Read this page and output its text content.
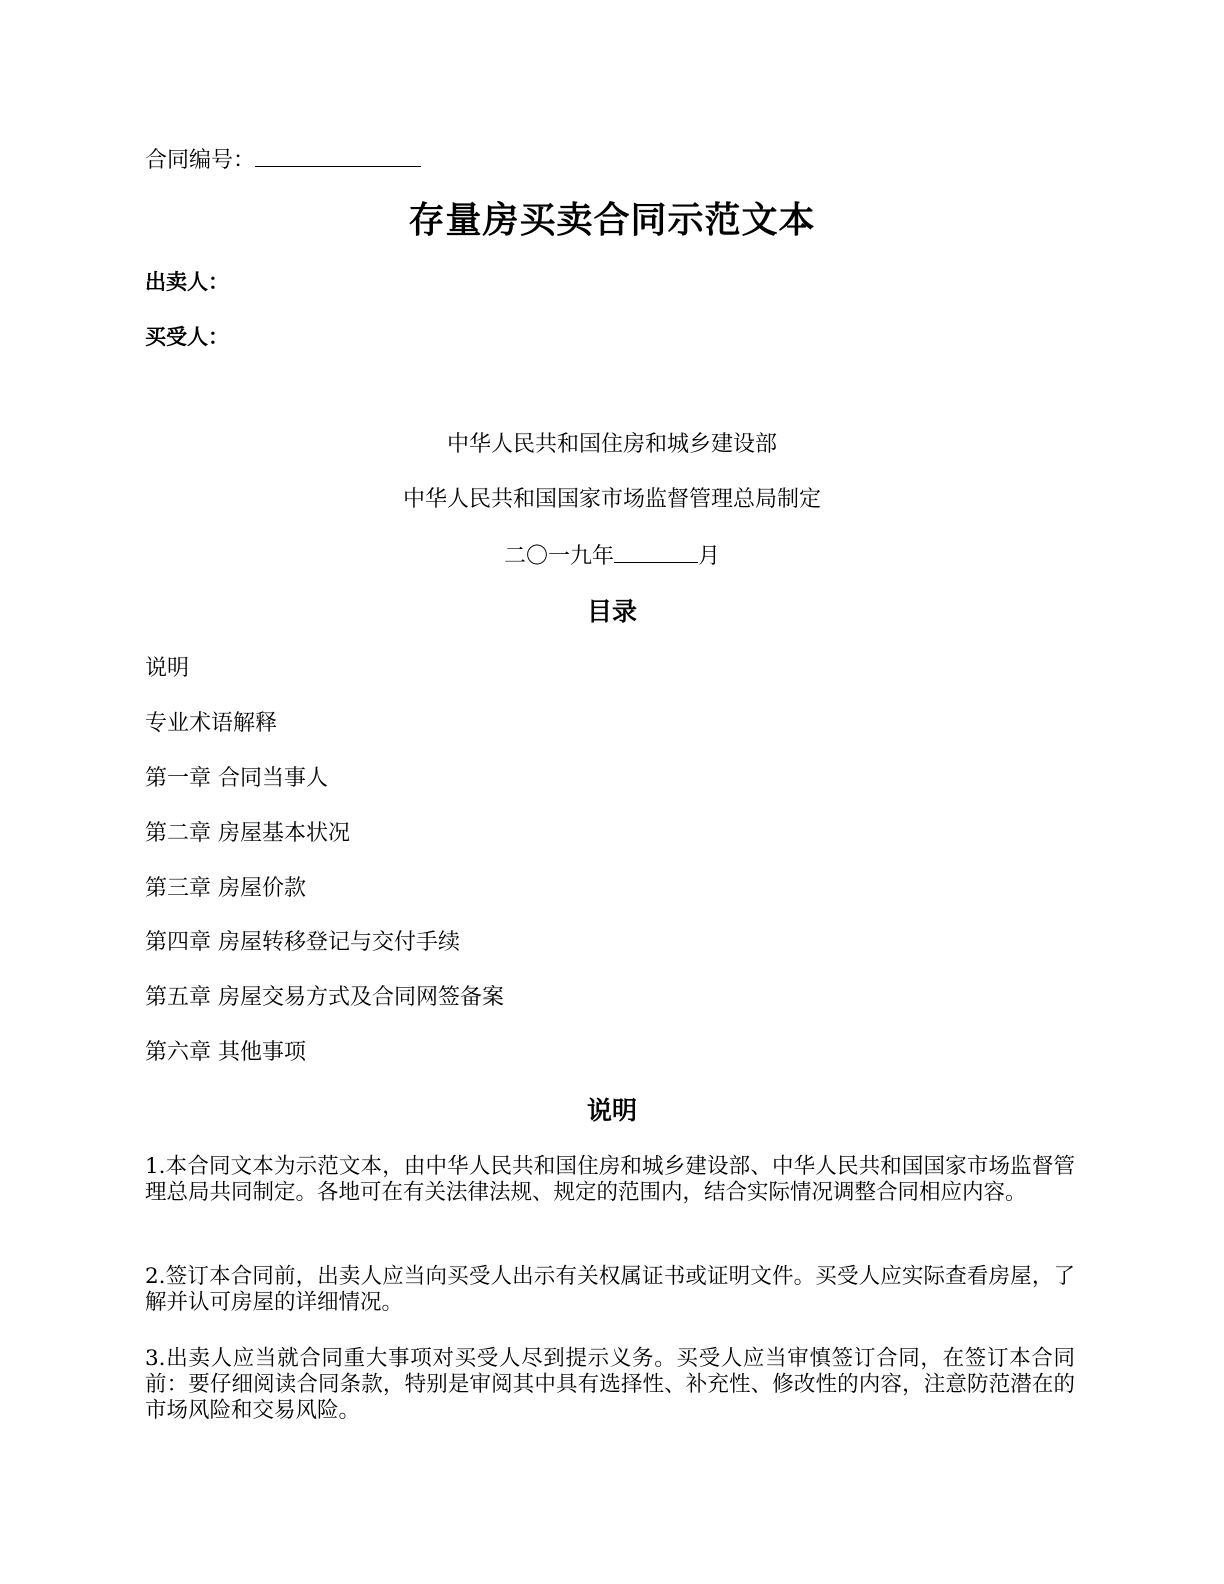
合同编号：
存量房买卖合同示范文本
出卖人：
买受人：
中华人民共和国住房和城乡建设部
中华人民共和国国家市场监督管理总局制定
二〇一九年	月
目录
说明
专业术语解释
第一章 合同当事人
第二章 房屋基本状况
第三章 房屋价款
第四章 房屋转移登记与交付手续
第五章 房屋交易方式及合同网签备案
第六章 其他事项
说明
1.本合同文本为示范文本，由中华人民共和国住房和城乡建设部、中华人民共和国国家市场监督管理总局共同制定。各地可在有关法律法规、规定的范围内，结合实际情况调整合同相应内容。
2.签订本合同前，出卖人应当向买受人出示有关权属证书或证明文件。买受人应实际查看房屋，了解并认可房屋的详细情况。
3.出卖人应当就合同重大事项对买受人尽到提示义务。买受人应当审慎签订合同，在签订本合同前：要仔细阅读合同条款，特别是审阅其中具有选择性、补充性、修改性的内容，注意防范潜在的市场风险和交易风险。
